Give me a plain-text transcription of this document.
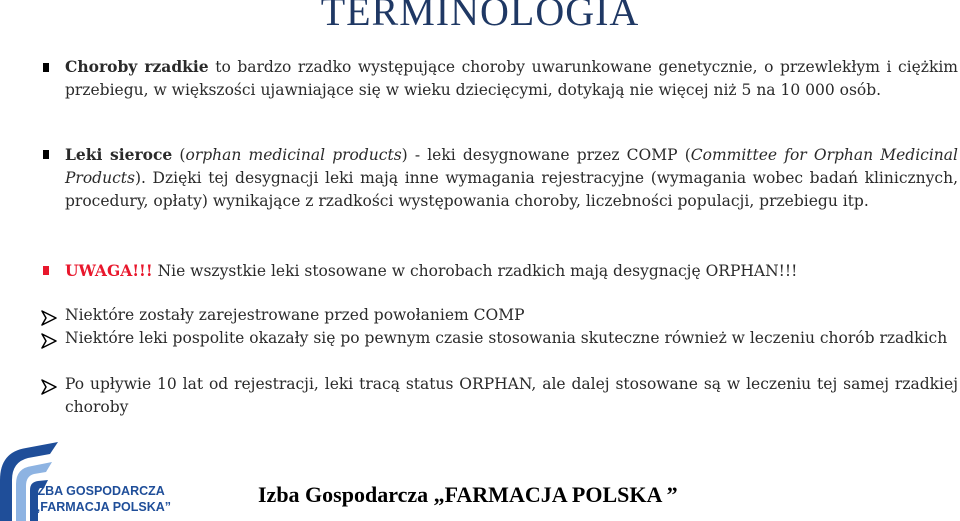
TERMINOLOGIA
Choroby rzadkie to bardzo rzadko występujące choroby uwarunkowane genetycznie, o przewlekłym i ciężkim przebiegu, w większości ujawniające się w wieku dziecięcymi, dotykają nie więcej niż 5 na 10 000 osób.
Leki sieroce (orphan medicinal products) - leki desygnowane przez COMP (Committee for Orphan Medicinal Products). Dzięki tej desygnacji leki mają inne wymagania rejestracyjne (wymagania wobec badań klinicznych, procedury, opłaty) wynikające z rzadkości występowania choroby, liczebności populacji, przebiegu itp.
UWAGA!!! Nie wszystkie leki stosowane w chorobach rzadkich mają desygnację ORPHAN!!!
Niektóre zostały zarejestrowane przed powołaniem COMP
Niektóre leki pospolite okazały się po pewnym czasie stosowania skuteczne również w leczeniu chorób rzadkich
Po upływie 10 lat od rejestracji, leki tracą status ORPHAN, ale dalej stosowane są w leczeniu tej samej rzadkiej choroby
IZBA GOSPODARCZA
„FARMACJA POLSKA”	Izba Gospodarcza „FARMACJA POLSKA ”
